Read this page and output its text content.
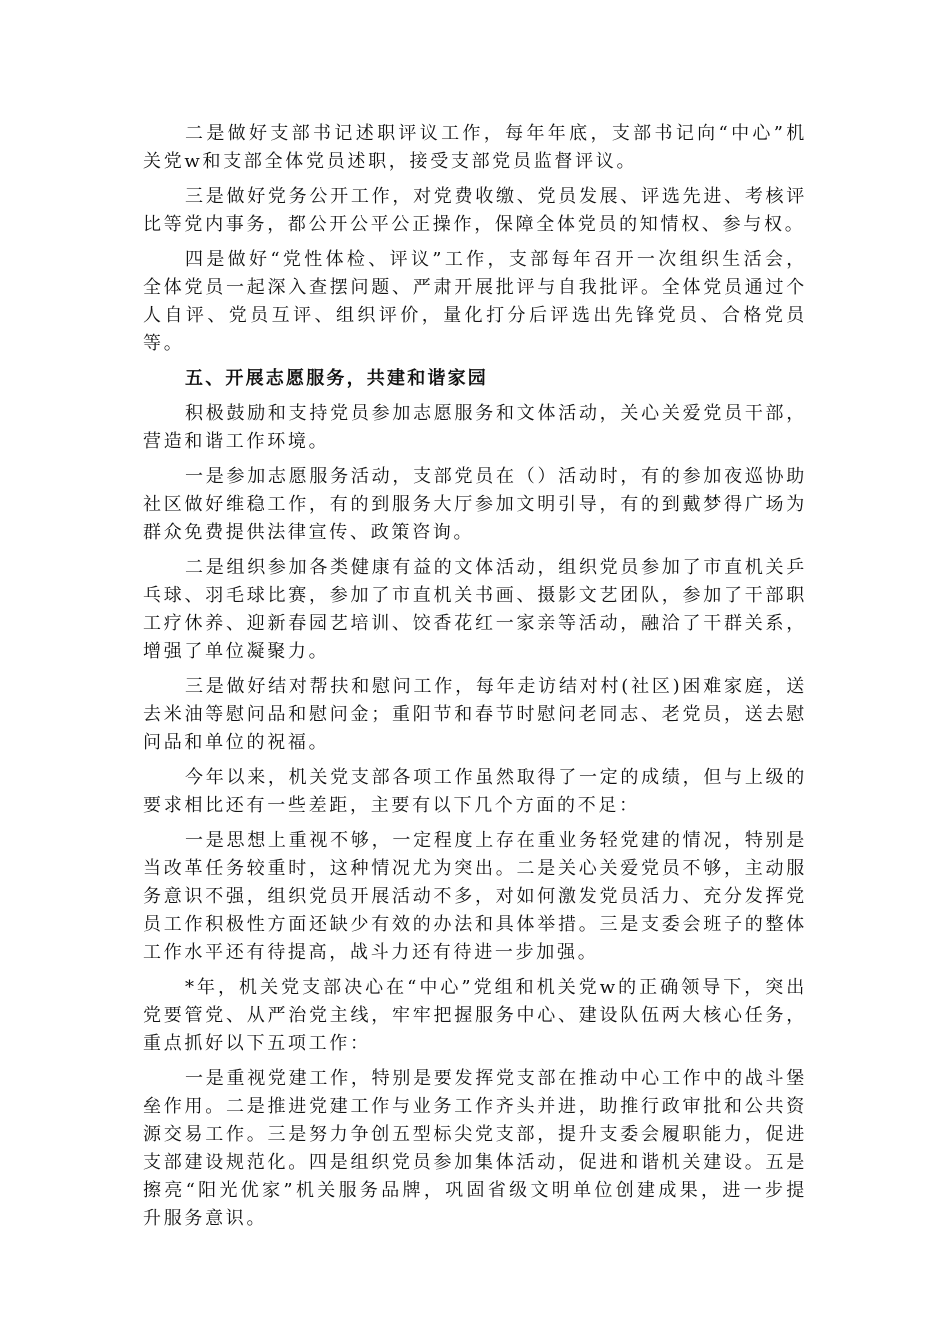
二是做好支部书记述职评议工作，每年年底，支部书记向“中心”机关党w和支部全体党员述职，接受支部党员监督评议。

三是做好党务公开工作，对党费收缴、党员发展、评选先进、考核评比等党内事务，都公开公平公正操作，保障全体党员的知情权、参与权。

四是做好“党性体检、评议”工作，支部每年召开一次组织生活会，全体党员一起深入查摆问题、严肃开展批评与自我批评。全体党员通过个人自评、党员互评、组织评价，量化打分后评选出先锋党员、合格党员等。

五、开展志愿服务，共建和谐家园

积极鼓励和支持党员参加志愿服务和文体活动，关心关爱党员干部，营造和谐工作环境。

一是参加志愿服务活动，支部党员在（）活动时，有的参加夜巡协助社区做好维稳工作，有的到服务大厅参加文明引导，有的到戴梦得广场为群众免费提供法律宣传、政策咨询。

二是组织参加各类健康有益的文体活动，组织党员参加了市直机关乒乓球、羽毛球比赛，参加了市直机关书画、摄影文艺团队，参加了干部职工疗休养、迎新春园艺培训、饺香花红一家亲等活动，融洽了干群关系，增强了单位凝聚力。

三是做好结对帮扶和慰问工作，每年走访结对村(社区)困难家庭，送去米油等慰问品和慰问金；重阳节和春节时慰问老同志、老党员，送去慰问品和单位的祝福。

今年以来，机关党支部各项工作虽然取得了一定的成绩，但与上级的要求相比还有一些差距，主要有以下几个方面的不足：

一是思想上重视不够，一定程度上存在重业务轻党建的情况，特别是当改革任务较重时，这种情况尤为突出。二是关心关爱党员不够，主动服务意识不强，组织党员开展活动不多，对如何激发党员活力、充分发挥党员工作积极性方面还缺少有效的办法和具体举措。三是支委会班子的整体工作水平还有待提高，战斗力还有待进一步加强。

*年，机关党支部决心在“中心”党组和机关党w的正确领导下，突出党要管党、从严治党主线，牢牢把握服务中心、建设队伍两大核心任务，重点抓好以下五项工作：

一是重视党建工作，特别是要发挥党支部在推动中心工作中的战斗堡垒作用。二是推进党建工作与业务工作齐头并进，助推行政审批和公共资源交易工作。三是努力争创五型标尖党支部，提升支委会履职能力，促进支部建设规范化。四是组织党员参加集体活动，促进和谐机关建设。五是擦亮“阳光优家”机关服务品牌，巩固省级文明单位创建成果，进一步提升服务意识。
